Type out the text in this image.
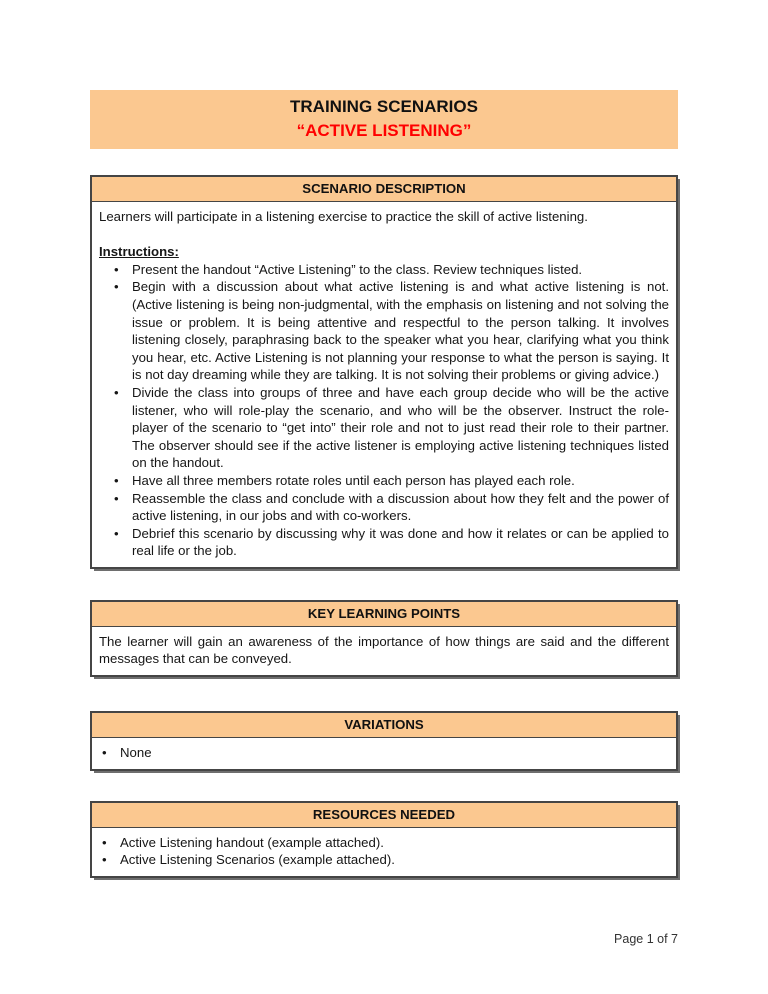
TRAINING SCENARIOS
“ACTIVE LISTENING”
SCENARIO DESCRIPTION

Learners will participate in a listening exercise to practice the skill of active listening.

Instructions:

• Present the handout “Active Listening” to the class. Review techniques listed.
• Begin with a discussion about what active listening is and what active listening is not. (Active listening is being non-judgmental, with the emphasis on listening and not solving the issue or problem. It is being attentive and respectful to the person talking. It involves listening closely, paraphrasing back to the speaker what you hear, clarifying what you think you hear, etc. Active Listening is not planning your response to what the person is saying. It is not day dreaming while they are talking. It is not solving their problems or giving advice.)
• Divide the class into groups of three and have each group decide who will be the active listener, who will role-play the scenario, and who will be the observer. Instruct the role-player of the scenario to “get into” their role and not to just read their role to their partner. The observer should see if the active listener is employing active listening techniques listed on the handout.
• Have all three members rotate roles until each person has played each role.
• Reassemble the class and conclude with a discussion about how they felt and the power of active listening, in our jobs and with co-workers.
• Debrief this scenario by discussing why it was done and how it relates or can be applied to real life or the job.
KEY LEARNING POINTS

The learner will gain an awareness of the importance of how things are said and the different messages that can be conveyed.

VARIATIONS
• None
RESOURCES NEEDED
• Active Listening handout (example attached).
• Active Listening Scenarios (example attached).
Page 1 of 7
